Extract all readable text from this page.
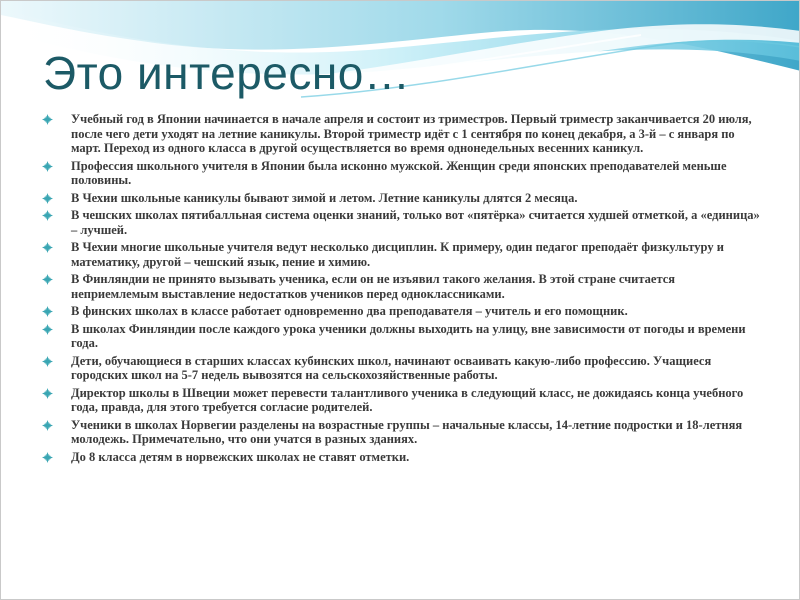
Это интересно…
Учебный год в Японии начинается в начале апреля и состоит из триместров. Первый триместр заканчивается 20 июля, после чего дети уходят на летние каникулы. Второй триместр идёт с 1 сентября по конец декабря, а 3-й – с января по март. Переход из одного класса в другой осуществляется во время однонедельных весенних каникул.
Профессия школьного учителя в Японии была исконно мужской. Женщин среди японских преподавателей меньше половины.
В Чехии школьные каникулы бывают зимой и летом. Летние каникулы длятся 2 месяца.
В чешских школах пятибалльная система оценки знаний, только вот «пятёрка» считается худшей отметкой, а «единица» – лучшей.
В Чехии многие школьные учителя ведут несколько дисциплин. К примеру, один педагог преподаёт физкультуру и математику, другой – чешский язык, пение и химию.
В Финляндии не принято вызывать ученика, если он не изъявил такого желания. В этой стране считается неприемлемым выставление недостатков учеников перед одноклассниками.
В финских школах в классе работает одновременно два преподавателя – учитель и его помощник.
В школах Финляндии после каждого урока ученики должны выходить на улицу, вне зависимости от погоды и времени года.
Дети, обучающиеся в старших классах кубинских школ, начинают осваивать какую-либо профессию. Учащиеся городских школ на 5-7 недель вывозятся на сельскохозяйственные работы.
Директор школы в Швеции может перевести талантливого ученика в следующий класс, не дожидаясь конца учебного года, правда, для этого требуется согласие родителей.
Ученики в школах Норвегии разделены на возрастные группы – начальные классы, 14-летние подростки и 18-летняя молодежь. Примечательно, что они учатся в разных зданиях.
До 8 класса детям в норвежских школах не ставят отметки.
